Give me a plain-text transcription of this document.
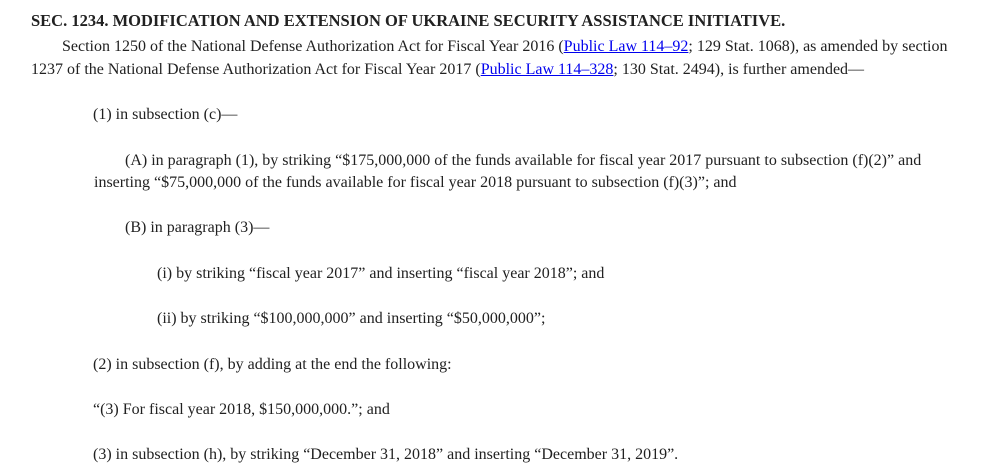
SEC. 1234. MODIFICATION AND EXTENSION OF UKRAINE SECURITY ASSISTANCE INITIATIVE.

Section 1250 of the National Defense Authorization Act for Fiscal Year 2016 (Public Law 114–92; 129 Stat. 1068), as amended by section 1237 of the National Defense Authorization Act for Fiscal Year 2017 (Public Law 114–328; 130 Stat. 2494), is further amended—

(1) in subsection (c)—

(A) in paragraph (1), by striking “$175,000,000 of the funds available for fiscal year 2017 pursuant to subsection (f)(2)” and inserting “$75,000,000 of the funds available for fiscal year 2018 pursuant to subsection (f)(3)”; and

(B) in paragraph (3)—

(i) by striking “fiscal year 2017” and inserting “fiscal year 2018”; and

(ii) by striking “$100,000,000” and inserting “$50,000,000”;

(2) in subsection (f), by adding at the end the following:

“(3) For fiscal year 2018, $150,000,000.”; and

(3) in subsection (h), by striking “December 31, 2018” and inserting “December 31, 2019”.
